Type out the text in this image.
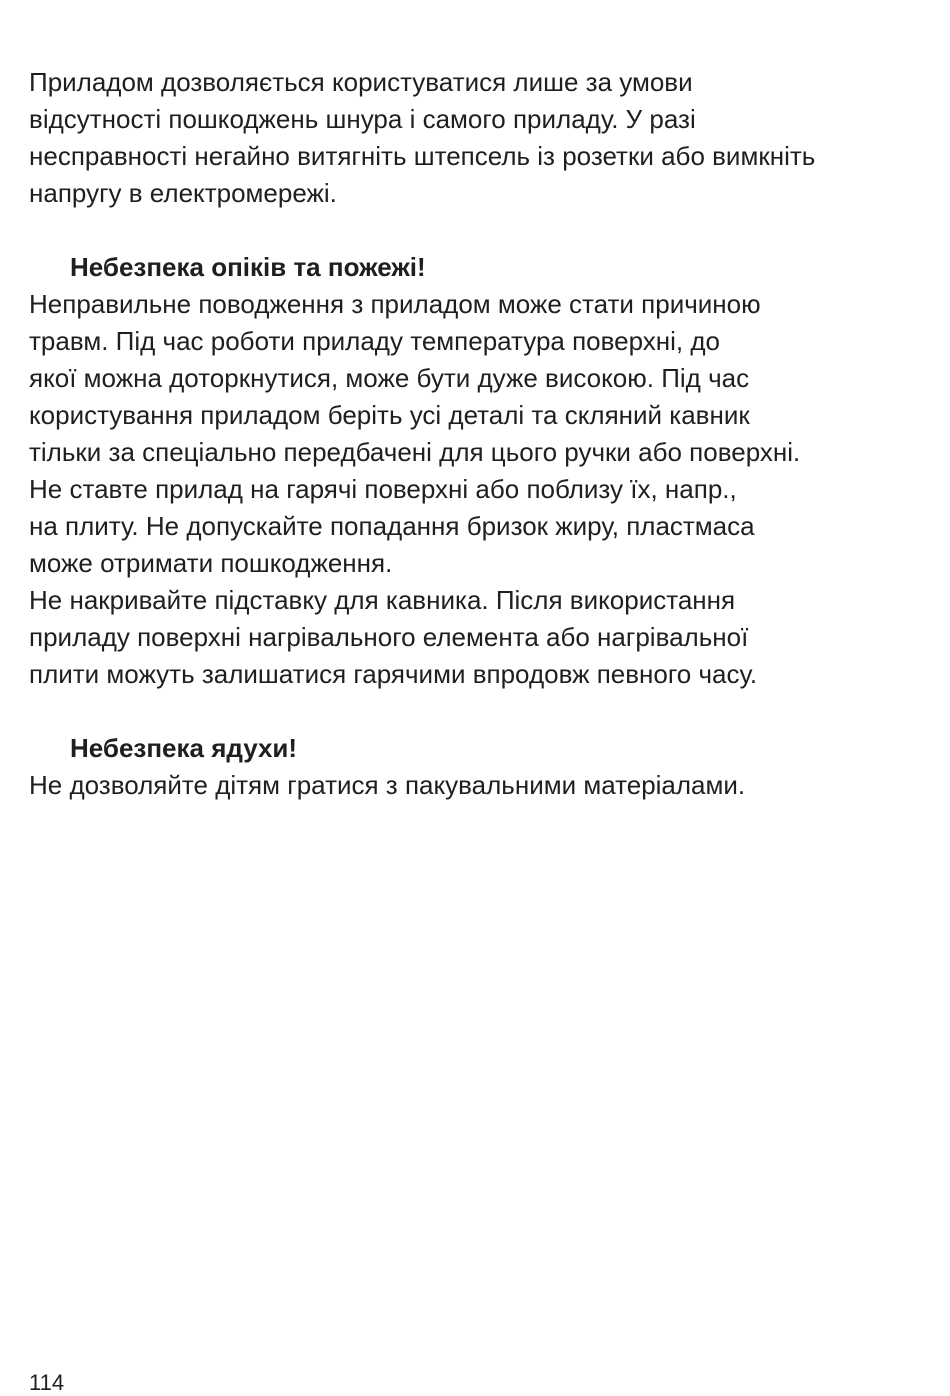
Приладом дозволяється користуватися лише за умови
відсутності пошкоджень шнура і самого приладу. У разі
несправності негайно витягніть штепсель із розетки або вимкніть
напругу в електромережі.
Небезпека опіків та пожежі!
Неправильне поводження з приладом може стати причиною
травм. Під час роботи приладу температура поверхні, до
якої можна доторкнутися, може бути дуже високою. Під час
користування приладом беріть усі деталі та скляний кавник
тільки за спеціально передбачені для цього ручки або поверхні.
Не ставте прилад на гарячі поверхні або поблизу їх, напр.,
на плиту. Не допускайте попадання бризок жиру, пластмаса
може отримати пошкодження.
Не накривайте підставку для кавника. Після використання
приладу поверхні нагрівального елемента або нагрівальної
плити можуть залишатися гарячими впродовж певного часу.
Небезпека ядухи!
Не дозволяйте дітям гратися з пакувальними матеріалами.
114
